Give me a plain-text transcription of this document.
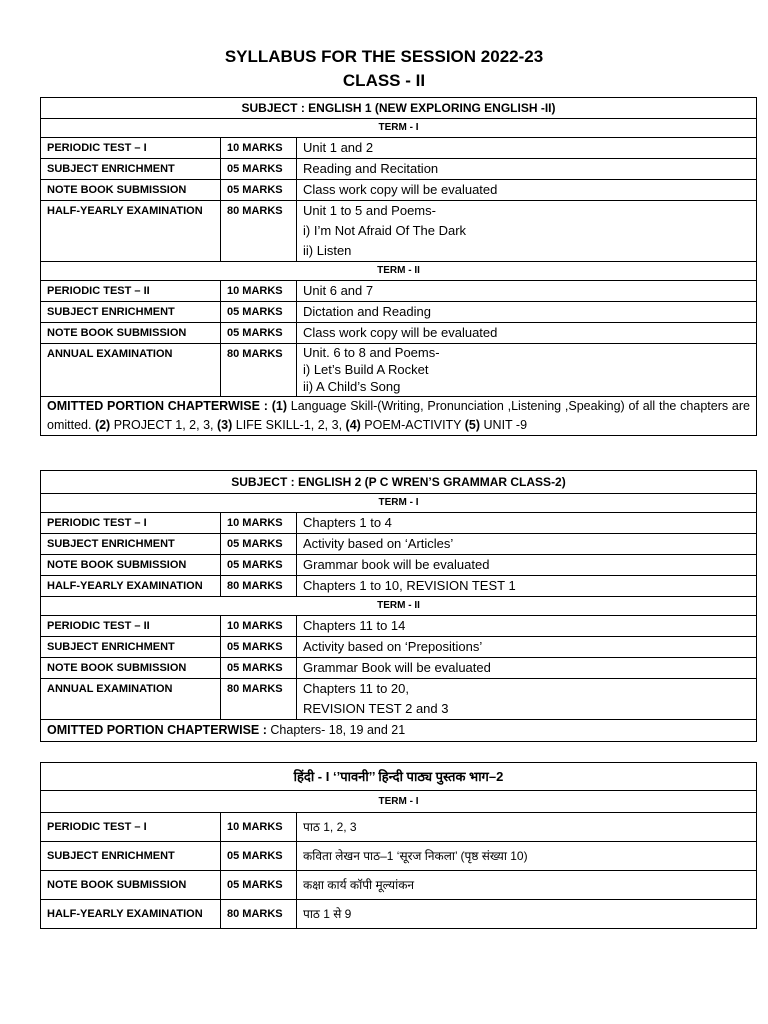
SYLLABUS FOR THE SESSION 2022-23
CLASS - II
SUBJECT : ENGLISH 1 (NEW EXPLORING ENGLISH -II)		
TERM - I		
PERIODIC TEST – I	10 MARKS	Unit 1 and 2
SUBJECT ENRICHMENT	05 MARKS	Reading and Recitation
NOTE BOOK SUBMISSION	05 MARKS	Class work copy will be evaluated
HALF-YEARLY EXAMINATION	80 MARKS	Unit 1 to 5 and Poems-
i) I’m Not Afraid Of The Dark
ii) Listen

TERM - II		
PERIODIC TEST – II	10 MARKS	Unit 6 and 7
SUBJECT ENRICHMENT	05 MARKS	Dictation and Reading
NOTE BOOK SUBMISSION	05 MARKS	Class work copy will be evaluated
ANNUAL EXAMINATION	80 MARKS	Unit. 6 to 8 and Poems-
i) Let’s Build A Rocket
ii) A Child’s Song

OMITTED PORTION CHAPTERWISE : (1) Language Skill-(Writing, Pronunciation ,Listening ,Speaking) of all the chapters are omitted. (2) PROJECT 1, 2, 3, (3) LIFE SKILL-1, 2, 3, (4) POEM-ACTIVITY (5) UNIT -9		
SUBJECT : ENGLISH 2 (P C WREN’S GRAMMAR CLASS-2)		
TERM - I		
PERIODIC TEST – I	10 MARKS	Chapters 1 to 4
SUBJECT ENRICHMENT	05 MARKS	Activity based on ‘Articles’
NOTE BOOK SUBMISSION	05 MARKS	Grammar book will be evaluated
HALF-YEARLY EXAMINATION	80 MARKS	Chapters 1 to 10, REVISION TEST 1
TERM - II		
PERIODIC TEST – II	10 MARKS	Chapters 11 to 14
SUBJECT ENRICHMENT	05 MARKS	Activity based on ‘Prepositions’
NOTE BOOK SUBMISSION	05 MARKS	Grammar Book will be evaluated
ANNUAL EXAMINATION	80 MARKS	Chapters 11 to 20,
REVISION TEST 2 and 3

OMITTED PORTION CHAPTERWISE : Chapters- 18, 19 and 21		
हिंदी - I ‘’पावनी’’ हिन्दी पाठ्य पुस्तक भाग–2		
TERM - I		
PERIODIC TEST – I	10 MARKS	पाठ 1, 2, 3
SUBJECT ENRICHMENT	05 MARKS	कविता लेखन पाठ–1 ‘सूरज निकला’ (पृष्ठ संख्या 10)
NOTE BOOK SUBMISSION	05 MARKS	कक्षा कार्य कॉपी मूल्यांकन
HALF-YEARLY EXAMINATION	80 MARKS	पाठ 1 से 9
